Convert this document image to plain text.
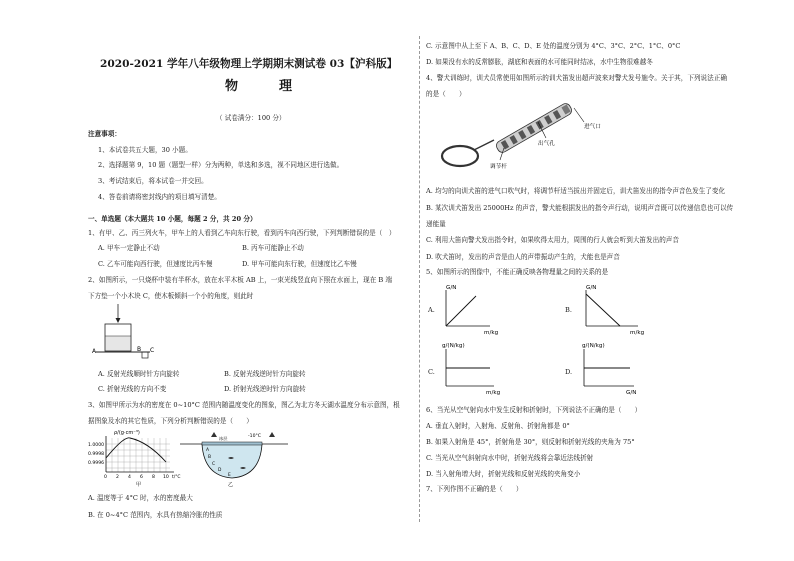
2020-2021 学年八年级物理上学期期末测试卷 03【沪科版】
物　理
（ 试卷满分：100 分）
注意事项：
1、本试卷共五大题，30 小题。
2、选择题第 9，10 题（题型一样）分为两种，单选和多选，视不同地区进行选做。
3、考试结束后，将本试卷一并交回。
4、答卷前请将密封线内的项目填写清楚。
一、单选题（本大题共 10 小题，每题 2 分，共 20 分）
1、有甲、乙、丙三列火车，甲车上的人看到乙车向东行驶，看到丙车向西行驶，下列判断错误的是（　）
A. 甲车一定静止不动	B. 丙车可能静止不动
C. 乙车可能向西行驶，但速度比丙车慢	D. 甲车可能向东行驶，但速度比乙车慢
2、如图所示，一只烧杯中装有半杯水，放在水平木板 AB 上，一束光线竖直向下照在水面上，现在 B 端
下方垫一个小木块 C，使木板倾斜一个小的角度，则此时
A	B C
A. 反射光线顺时针方向旋转	B. 反射光线逆时针方向旋转
C. 折射光线的方向不变	D. 折射光线逆时针方向旋转
3、如图甲所示为水的密度在 0~10°C 范围内随温度变化的图象，图乙为北方冬天湖水温度分布示意图，根
据图象及水的其它性质，下列分析判断错误的是（　　）
ρ/(g·cm⁻³)
1.0000
0.9998
0.9996
0 2 4 6 8 10 t/°C
甲
-10°C
冰层
A
B
C
D
E
乙
A. 温度等于 4°C 时，水的密度最大
B. 在 0~4°C 范围内，水具有热缩冷胀的性质
C. 示意图中从上至下 A、B、C、D、E 处的温度分别为 4°C、3°C、2°C、1°C、0°C
D. 如果没有水的反常膨胀，湖底和表面的水可能同时结冰，水中生物很难越冬
4、警犬训练时，训犬员常使用如图所示的训犬笛发出超声波来对警犬发号施令。关于其，下列说法正确
的是（　　）
进气口
出气孔
调节杆
A. 均匀的向训犬笛的进气口吹气时，将调节杆适当拔出并固定后，训犬笛发出的指令声音色发生了变化
B. 某次训犬笛发出 25000Hz 的声音，警犬能根据发出的指令声行动，说明声音既可以传递信息也可以传
递能量
C. 利用大笛向警犬发出指令时，如果吹得太用力，周围的行人就会听到大笛发出的声音
D. 吹犬笛时，发出的声音是由人的声带振动产生的，犬能也是声音
5、如图所示的图像中，不能正确反映各物理量之间的关系的是
A.
G/N
m/kg
B.
G/N
m/kg
C.
g/(N/kg)
m/kg
D.
g/(N/kg)
G/N
6、当光从空气射向水中发生反射和折射时，下列说法不正确的是（　　）
A. 垂直入射时，入射角、反射角、折射角都是 0°
B. 如果入射角是 45°，折射角是 30°，则反射和折射光线的夹角为 75°
C. 当光从空气斜射向水中时，折射光线将会靠近法线折射
D. 当入射角增大时，折射光线和反射光线的夹角变小
7、下列作图不正确的是（　　）
